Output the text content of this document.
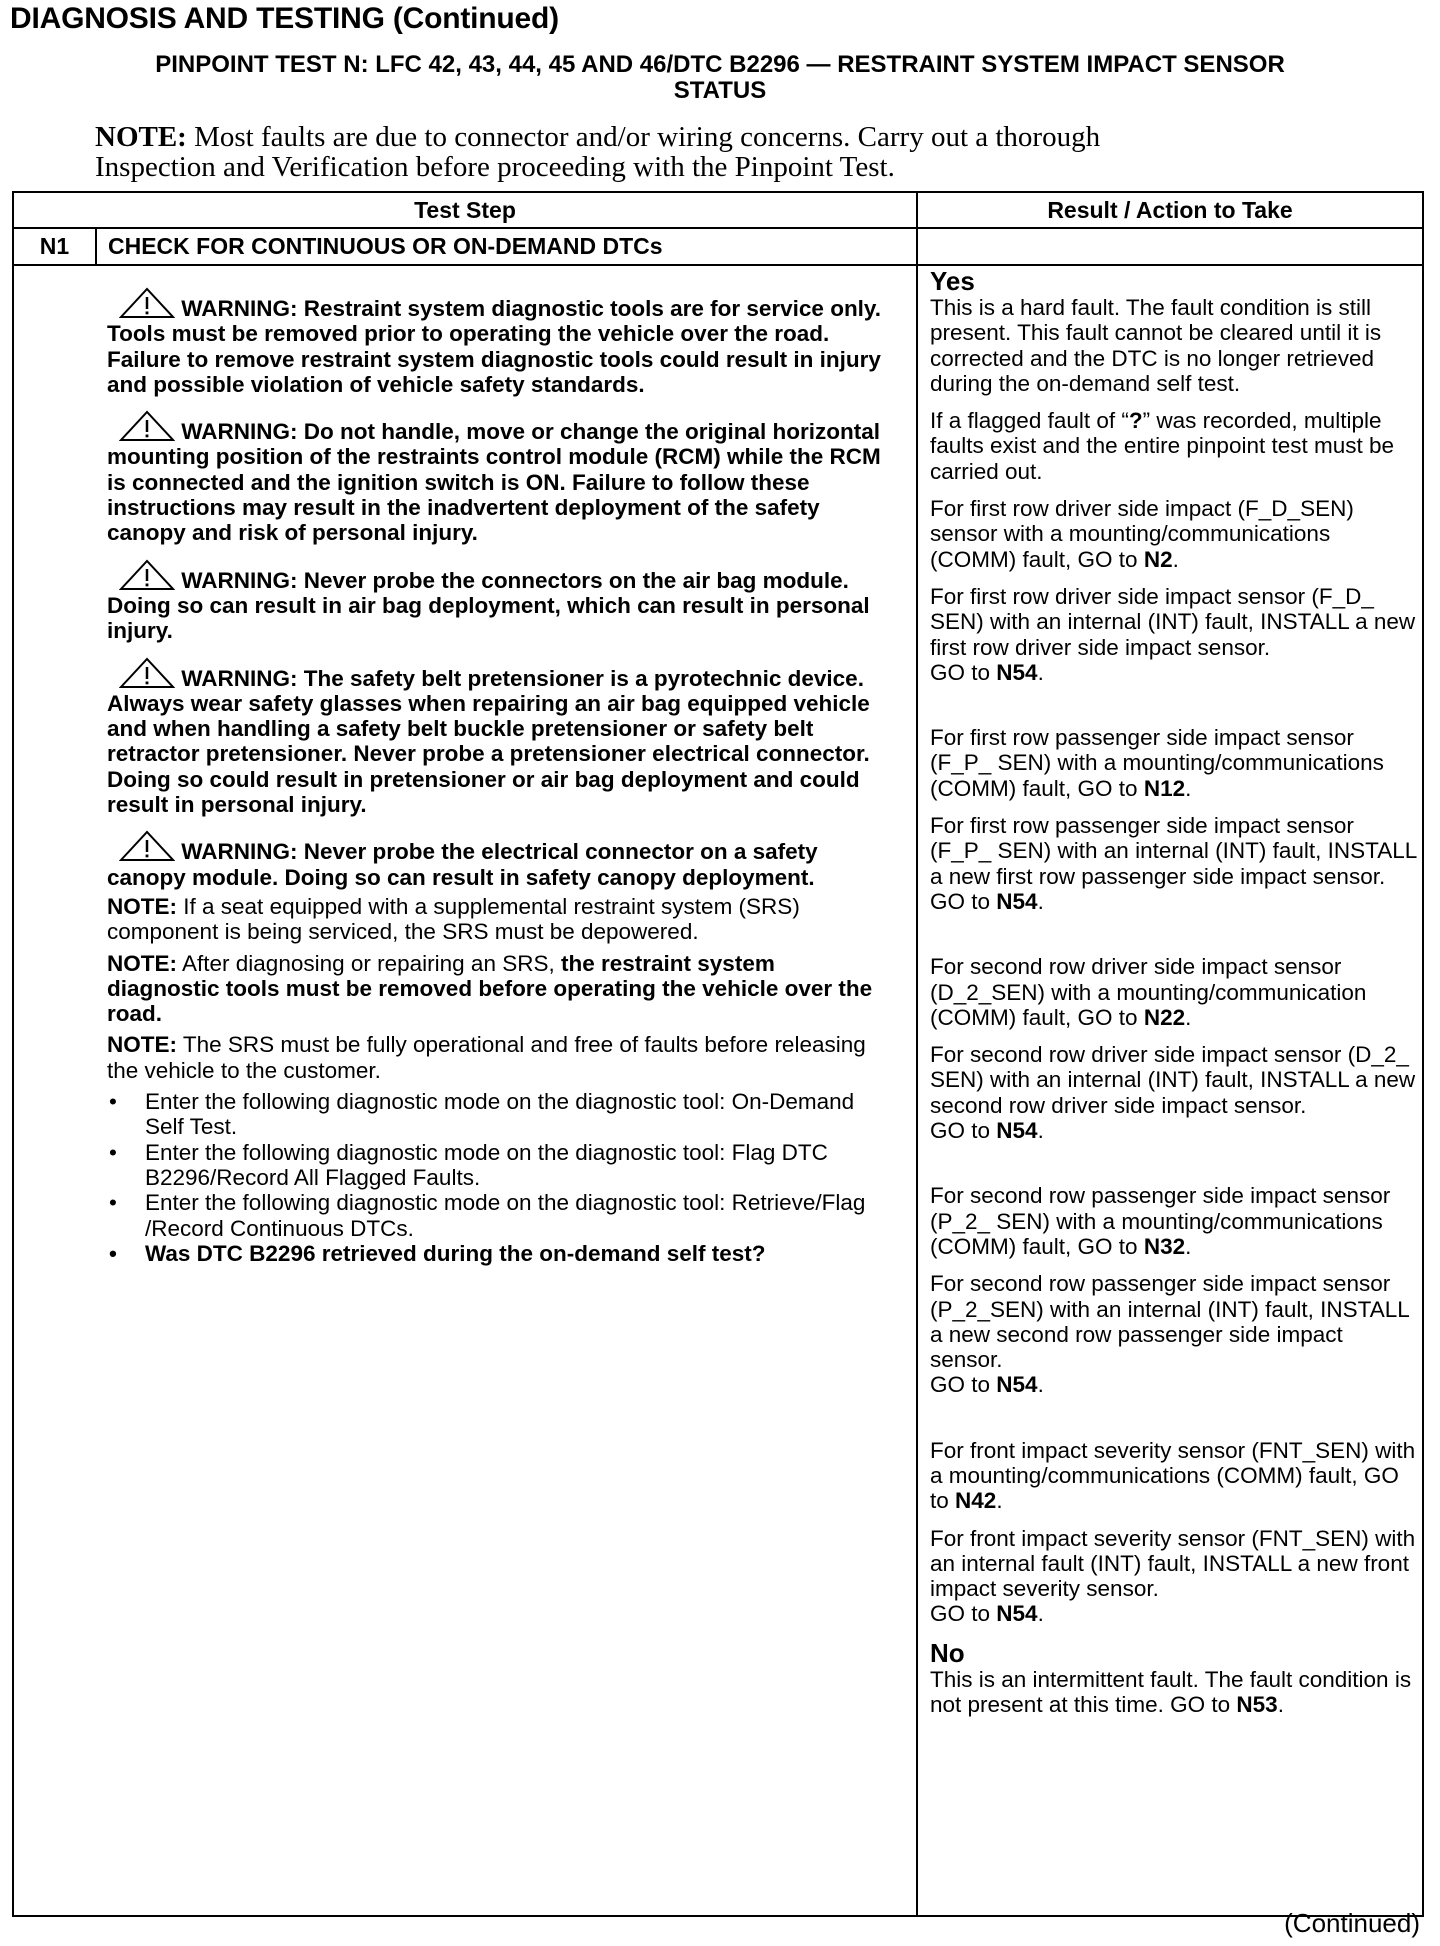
DIAGNOSIS AND TESTING (Continued)
PINPOINT TEST N: LFC 42, 43, 44, 45 AND 46/DTC B2296 — RESTRAINT SYSTEM IMPACT SENSOR
STATUS
NOTE: Most faults are due to connector and/or wiring concerns. Carry out a thorough
Inspection and Verification before proceeding with the Pinpoint Test.
Test Step	Result / Action to Take
N1	CHECK FOR CONTINUOUS OR ON-DEMAND DTCs

WARNING: Restraint system diagnostic tools are for service only. Tools must be removed prior to operating the vehicle over the road. Failure to remove restraint system diagnostic tools could result in injury and possible violation of vehicle safety standards.

WARNING: Do not handle, move or change the original horizontal mounting position of the restraints control module (RCM) while the RCM is connected and the ignition switch is ON. Failure to follow these instructions may result in the inadvertent deployment of the safety canopy and risk of personal injury.

WARNING: Never probe the connectors on the air bag module. Doing so can result in air bag deployment, which can result in personal injury.

WARNING: The safety belt pretensioner is a pyrotechnic device. Always wear safety glasses when repairing an air bag equipped vehicle and when handling a safety belt buckle pretensioner or safety belt retractor pretensioner. Never probe a pretensioner electrical connector. Doing so could result in pretensioner or air bag deployment and could result in personal injury.

WARNING: Never probe the electrical connector on a safety canopy module. Doing so can result in safety canopy deployment.

NOTE: If a seat equipped with a supplemental restraint system (SRS) component is being serviced, the SRS must be depowered.

NOTE: After diagnosing or repairing an SRS, the restraint system diagnostic tools must be removed before operating the vehicle over the road.

NOTE: The SRS must be fully operational and free of faults before releasing the vehicle to the customer.

• Enter the following diagnostic mode on the diagnostic tool: On-Demand Self Test.
• Enter the following diagnostic mode on the diagnostic tool: Flag DTC B2296/Record All Flagged Faults.
• Enter the following diagnostic mode on the diagnostic tool: Retrieve/Flag /Record Continuous DTCs.
• Was DTC B2296 retrieved during the on-demand self test?
Yes

This is a hard fault. The fault condition is still present. This fault cannot be cleared until it is corrected and the DTC is no longer retrieved during the on-demand self test.

If a flagged fault of “?” was recorded, multiple faults exist and the entire pinpoint test must be carried out.

For first row driver side impact (F_D_SEN) sensor with a mounting/communications (COMM) fault, GO to N2.

For first row driver side impact sensor (F_D_ SEN) with an internal (INT) fault, INSTALL a new first row driver side impact sensor.
GO to N54.

For first row passenger side impact sensor (F_P_ SEN) with a mounting/communications (COMM) fault, GO to N12.

For first row passenger side impact sensor (F_P_ SEN) with an internal (INT) fault, INSTALL a new first row passenger side impact sensor.
GO to N54.

For second row driver side impact sensor (D_2_SEN) with a mounting/communication (COMM) fault, GO to N22.

For second row driver side impact sensor (D_2_ SEN) with an internal (INT) fault, INSTALL a new second row driver side impact sensor.
GO to N54.

For second row passenger side impact sensor (P_2_ SEN) with a mounting/communications (COMM) fault, GO to N32.

For second row passenger side impact sensor (P_2_SEN) with an internal (INT) fault, INSTALL a new second row passenger side impact sensor.
GO to N54.

For front impact severity sensor (FNT_SEN) with a mounting/communications (COMM) fault, GO to N42.

For front impact severity sensor (FNT_SEN) with an internal fault (INT) fault, INSTALL a new front impact severity sensor.
GO to N54.

No

This is an intermittent fault. The fault condition is not present at this time. GO to N53.

(Continued)
